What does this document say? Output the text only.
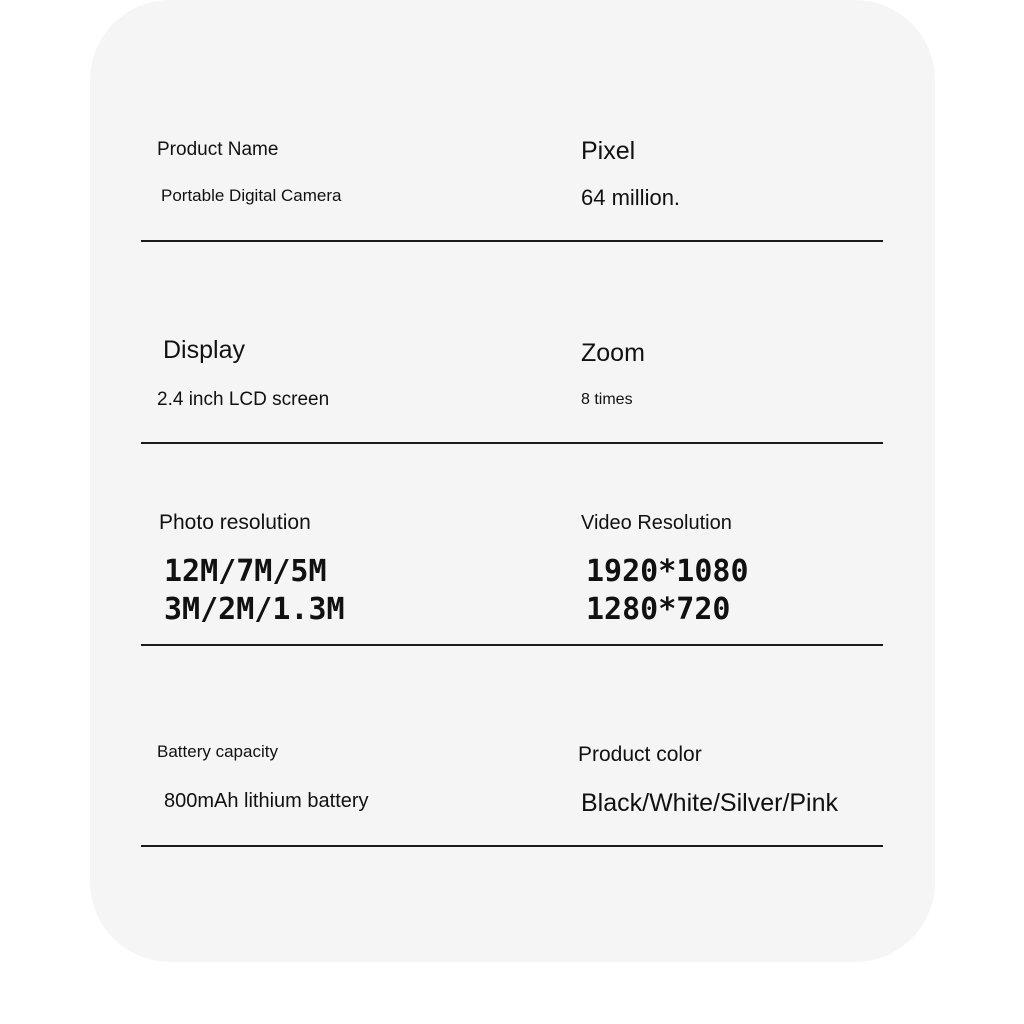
Product Name
Portable Digital Camera
Pixel
64 million.
Display
2.4 inch LCD screen
Zoom
8 times
Photo resolution
12M/7M/5M
3M/2M/1.3M
Video Resolution
1920*1080
1280*720
Battery capacity
800mAh lithium battery
Product color
Black/White/Silver/Pink
